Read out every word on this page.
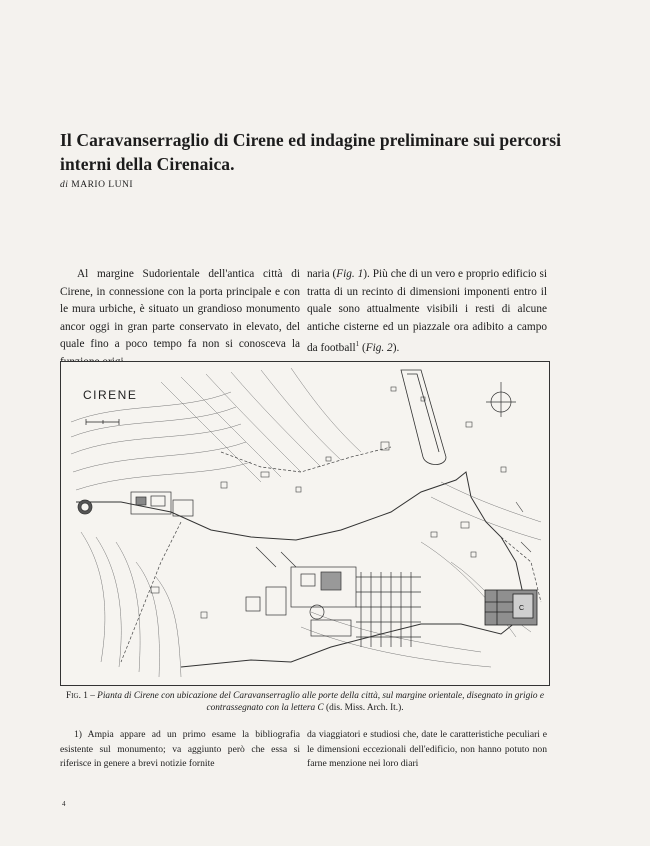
Il Caravanserraglio di Cirene ed indagine preliminare sui percorsi interni della Cirenaica.
di MARIO LUNI

Al margine Sudorientale dell'antica città di Cirene, in connessione con la porta principale e con le mura urbiche, è situato un grandioso monumento ancor oggi in gran parte conservato in elevato, del quale fino a poco tempo fa non si conosceva la

naria (Fig. 1). Più che di un vero e proprio edificio si tratta di un recinto di dimensioni imponenti entro il quale sono attualmente visibili i resti di alcune antiche cisterne ed un piazzale ora adibito a campo da football$^1$ (Fig. 2).

CIRENE
C
Fig. 1 – Pianta di Cirene con ubicazione del Caravanserraglio alle porte della città, sul margine orientale, disegnato in grigio e contrassegnato con la lettera C (dis. Miss. Arch. It.).

1) Ampia appare ad un primo esame la bibliografia esistente sul monumento; va aggiunto però che essa si riferisce in genere a brevi notizie fornite

da viaggiatori e studiosi che, date le caratteristiche peculiari e le dimensioni eccezionali dell'edificio, non hanno potuto non farne menzione nei loro diari

4
